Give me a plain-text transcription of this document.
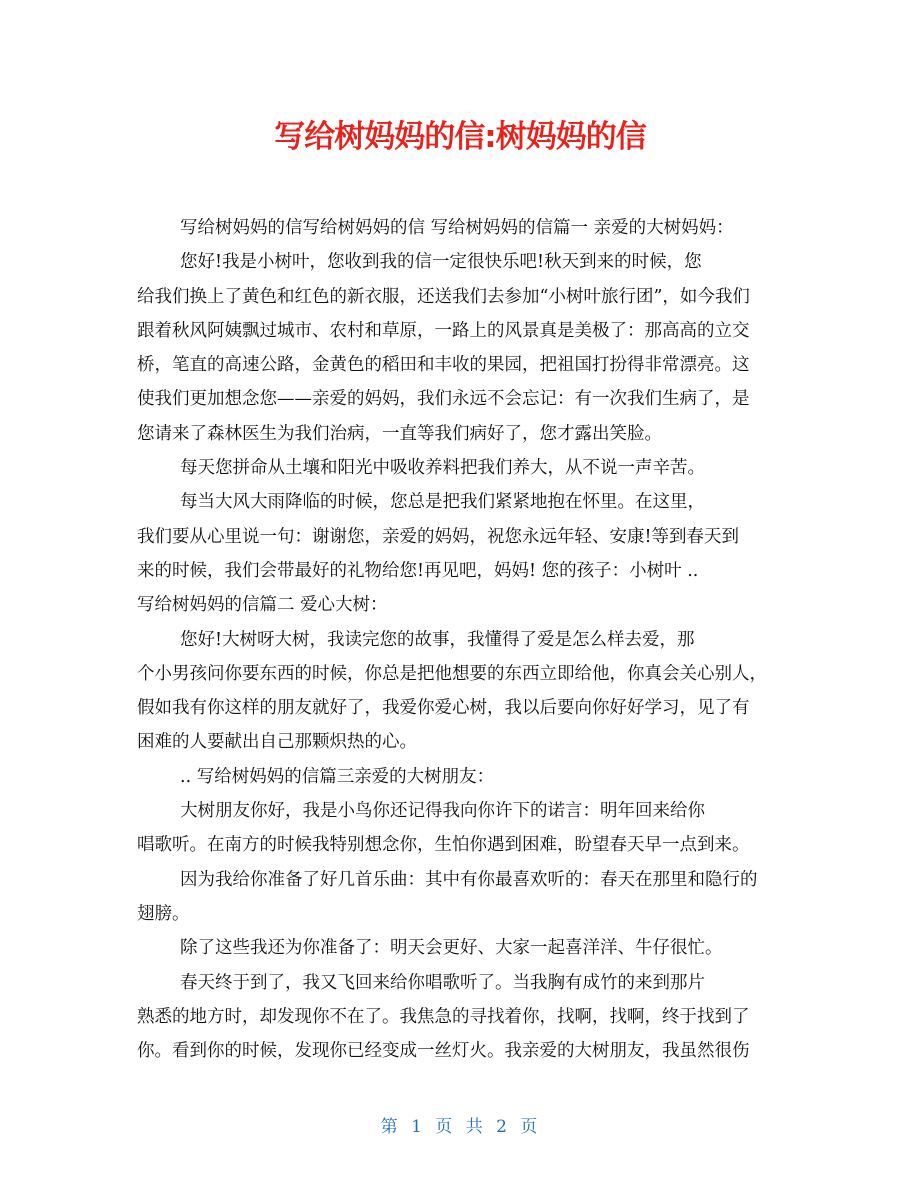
写给树妈妈的信:树妈妈的信
写给树妈妈的信写给树妈妈的信 写给树妈妈的信篇一 亲爱的大树妈妈：
您好!我是小树叶，您收到我的信一定很快乐吧!秋天到来的时候，您
给我们换上了黄色和红色的新衣服，还送我们去参加“小树叶旅行团”，如今我们
跟着秋风阿姨飘过城市、农村和草原，一路上的风景真是美极了：那高高的立交
桥，笔直的高速公路，金黄色的稻田和丰收的果园，把祖国打扮得非常漂亮。这
使我们更加想念您——亲爱的妈妈，我们永远不会忘记：有一次我们生病了，是
您请来了森林医生为我们治病，一直等我们病好了，您才露出笑脸。
每天您拼命从土壤和阳光中吸收养料把我们养大，从不说一声辛苦。
每当大风大雨降临的时候，您总是把我们紧紧地抱在怀里。在这里，
我们要从心里说一句：谢谢您，亲爱的妈妈，祝您永远年轻、安康!等到春天到
来的时候，我们会带最好的礼物给您!再见吧，妈妈! 您的孩子：小树叶 ..
写给树妈妈的信篇二 爱心大树：
您好!大树呀大树，我读完您的故事，我懂得了爱是怎么样去爱，那
个小男孩问你要东西的时候，你总是把他想要的东西立即给他，你真会关心别人，
假如我有你这样的朋友就好了，我爱你爱心树，我以后要向你好好学习，见了有
困难的人要献出自己那颗炽热的心。
.. 写给树妈妈的信篇三亲爱的大树朋友：
大树朋友你好，我是小鸟你还记得我向你许下的诺言：明年回来给你
唱歌听。在南方的时候我特别想念你，生怕你遇到困难，盼望春天早一点到来。
因为我给你准备了好几首乐曲：其中有你最喜欢听的：春天在那里和隐行的
翅膀。
除了这些我还为你准备了：明天会更好、大家一起喜洋洋、牛仔很忙。
春天终于到了，我又飞回来给你唱歌听了。当我胸有成竹的来到那片
熟悉的地方时，却发现你不在了。我焦急的寻找着你，找啊，找啊，终于找到了
你。看到你的时候，发现你已经变成一丝灯火。我亲爱的大树朋友，我虽然很伤
第 1 页 共 2 页
